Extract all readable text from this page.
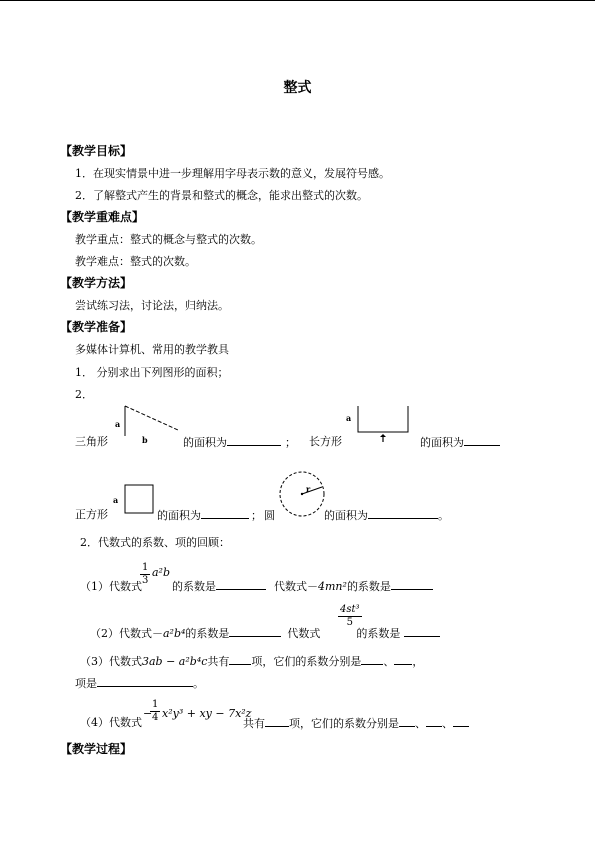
整式
【教学目标】
1．在现实情景中进一步理解用字母表示数的意义，发展符号感。
2．了解整式产生的背景和整式的概念，能求出整式的次数。
【教学重难点】
教学重点：整式的概念与整式的次数。
教学难点：整式的次数。
【教学方法】
尝试练习法，讨论法，归纳法。
【教学准备】
多媒体计算机、常用的教学教具
1． 分别求出下列图形的面积；
2．
a
b
三角形	的面积为	；
a
长方形	的面积为
a
正方形	的面积为	； 圆
r
的面积为	。
2．代数式的系数、项的回顾：
$\frac{1}{3} a^2b$
（1）代数式	的系数是	代数式－4mn²的系数是
$\frac{\text{4st³}}{5}$
（2）代数式－a²b⁴的系数是	代数式	的系数是
（3）代数式3ab − a²b⁴c共有 项，它们的系数分别是 、 ，
项是	。
（4）代数式
−
$\frac{1}{4} x^2y^3$ + xy − 7x²z
共有 项，它们的系数分别是 、 、
【教学过程】
